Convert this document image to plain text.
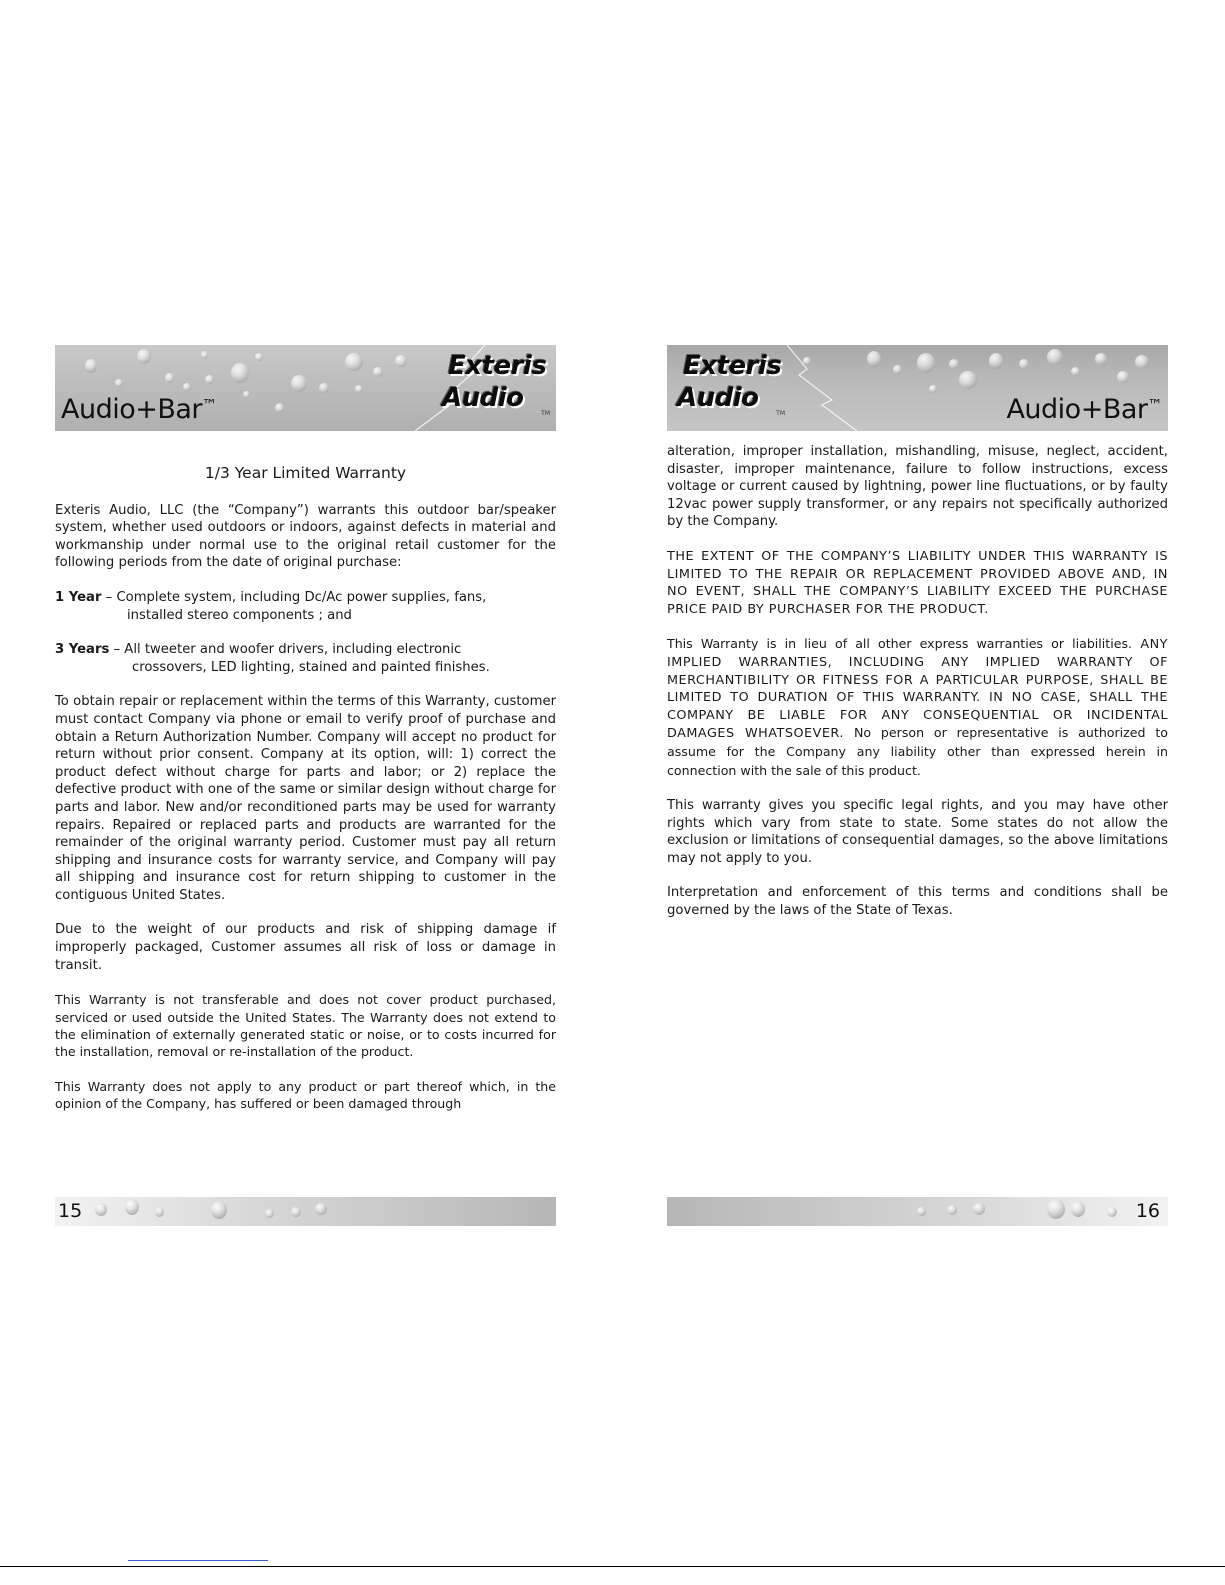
Audio+Bar™
Exteris
Audio
TM

1/3 Year Limited Warranty

Exteris Audio, LLC (the “Company”) warrants this outdoor bar/speaker system, whether used outdoors or indoors, against defects in material and workmanship under normal use to the original retail customer for the following periods from the date of original purchase:

1 Year – Complete system, including Dc/Ac power supplies, fans,
installed stereo components ; and
3 Years – All tweeter and woofer drivers, including electronic
crossovers, LED lighting, stained and painted finishes.

To obtain repair or replacement within the terms of this Warranty, customer must contact Company via phone or email to verify proof of purchase and obtain a Return Authorization Number. Company will accept no product for return without prior consent. Company at its option, will: 1) correct the product defect without charge for parts and labor; or 2) replace the defective product with one of the same or similar design without charge for parts and labor. New and/or reconditioned parts may be used for warranty repairs. Repaired or replaced parts and products are warranted for the remainder of the original warranty period. Customer must pay all return shipping and insurance costs for warranty service, and Company will pay all shipping and insurance cost for return shipping to customer in the contiguous United States.

Due to the weight of our products and risk of shipping damage if improperly packaged, Customer assumes all risk of loss or damage in transit.

This Warranty is not transferable and does not cover product purchased, serviced or used outside the United States. The Warranty does not extend to the elimination of externally generated static or noise, or to costs incurred for the installation, removal or re-installation of the product.

This Warranty does not apply to any product or part thereof which, in the opinion of the Company, has suffered or been damaged through

15
Exteris
Audio
TM	Audio+Bar™

alteration, improper installation, mishandling, misuse, neglect, accident, disaster, improper maintenance, failure to follow instructions, excess voltage or current caused by lightning, power line fluctuations, or by faulty 12vac power supply transformer, or any repairs not specifically authorized by the Company.

THE EXTENT OF THE COMPANY’S LIABILITY UNDER THIS WARRANTY IS LIMITED TO THE REPAIR OR REPLACEMENT PROVIDED ABOVE AND, IN NO EVENT, SHALL THE COMPANY’S LIABILITY EXCEED THE PURCHASE PRICE PAID BY PURCHASER FOR THE PRODUCT.

This Warranty is in lieu of all other express warranties or liabilities. ANY IMPLIED WARRANTIES, INCLUDING ANY IMPLIED WARRANTY OF MERCHANTIBILITY OR FITNESS FOR A PARTICULAR PURPOSE, SHALL BE LIMITED TO DURATION OF THIS WARRANTY. IN NO CASE, SHALL THE COMPANY BE LIABLE FOR ANY CONSEQUENTIAL OR INCIDENTAL DAMAGES WHATSOEVER. No person or representative is authorized to assume for the Company any liability other than expressed herein in connection with the sale of this product.

This warranty gives you specific legal rights, and you may have other rights which vary from state to state. Some states do not allow the exclusion or limitations of consequential damages, so the above limitations may not apply to you.

Interpretation and enforcement of this terms and conditions shall be governed by the laws of the State of Texas.

16
